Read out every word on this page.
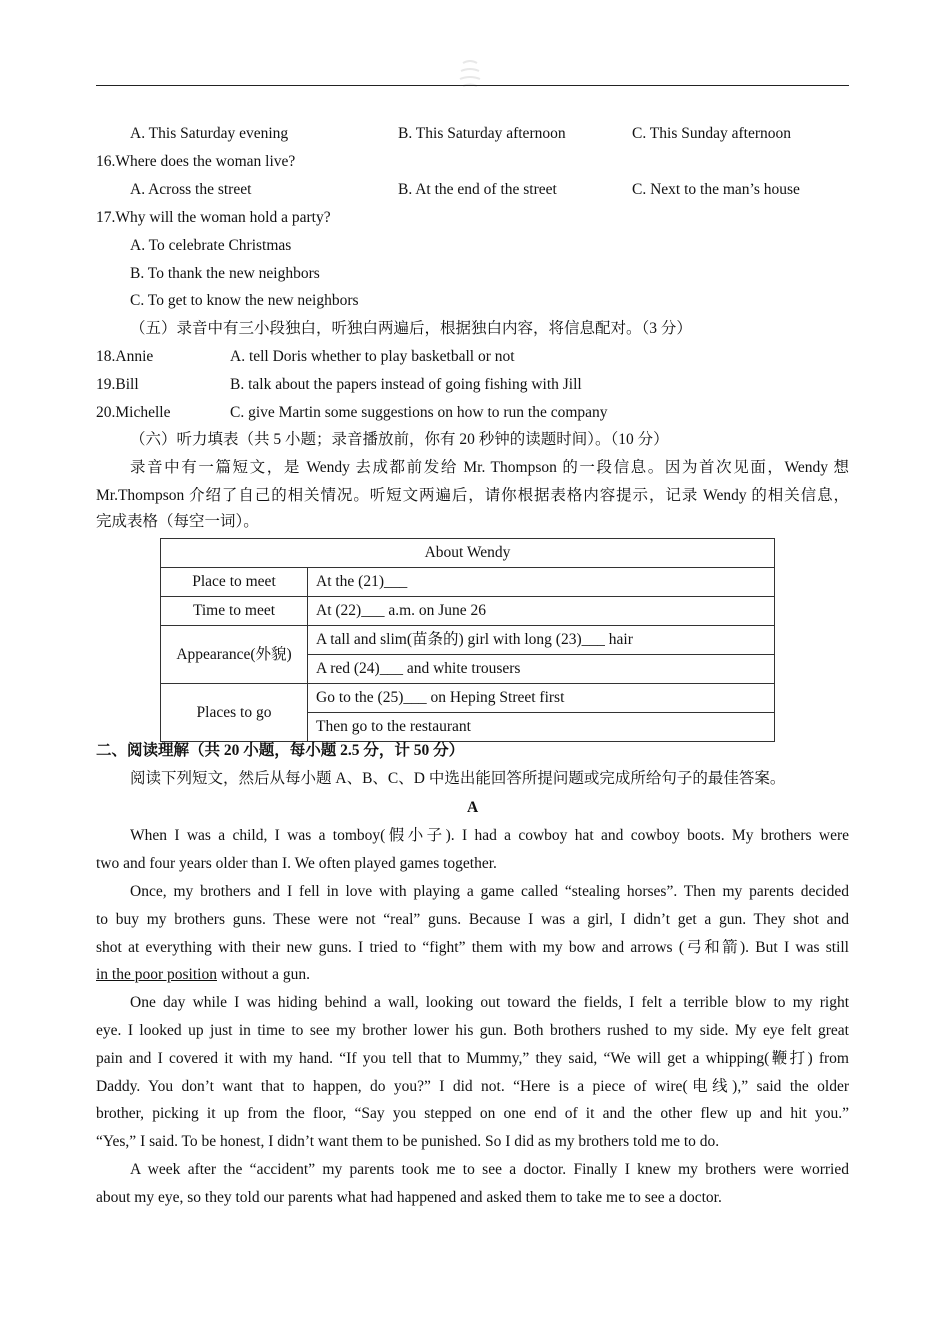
A. This Saturday evening	B. This Saturday afternoon	C. This Sunday afternoon
16.Where does the woman live?
A. Across the street	B. At the end of the street	C. Next to the man’s house
17.Why will the woman hold a party?
A. To celebrate Christmas
B. To thank the new neighbors
C. To get to know the new neighbors
（五）录音中有三小段独白，听独白两遍后，根据独白内容，将信息配对。（3 分）
18.Annie	A. tell Doris whether to play basketball or not
19.Bill	B. talk about the papers instead of going fishing with Jill
20.Michelle	C. give Martin some suggestions on how to run the company
（六）听力填表（共 5 小题；录音播放前，你有 20 秒钟的读题时间）。（10 分）
录音中有一篇短文，是 Wendy 去成都前发给 Mr. Thompson 的一段信息。因为首次见面，Wendy 想
Mr.Thompson 介绍了自己的相关情况。听短文两遍后，请你根据表格内容提示，记录 Wendy 的相关信息，
完成表格（每空一词）。
About Wendy	
Place to meet	At the (21)___
Time to meet	At (22)___ a.m. on June 26
Appearance(外貌)	A tall and slim(苗条的) girl with long (23)___ hair
	A red (24)___ and white trousers
Places to go	Go to the (25)___ on Heping Street first
	Then go to the restaurant
二、阅读理解（共 20 小题，每小题 2.5 分，计 50 分）
阅读下列短文，然后从每小题 A、B、C、D 中选出能回答所提问题或完成所给句子的最佳答案。
A
When I was a child, I was a tomboy(假小子). I had a cowboy hat and cowboy boots. My brothers were
two and four years older than I. We often played games together.
Once, my brothers and I fell in love with playing a game called “stealing horses”. Then my parents decided
to buy my brothers guns. These were not “real” guns. Because I was a girl, I didn’t get a gun. They shot and
shot at everything with their new guns. I tried to “fight” them with my bow and arrows (弓和箭). But I was still
in the poor position without a gun.
One day while I was hiding behind a wall, looking out toward the fields, I felt a terrible blow to my right
eye. I looked up just in time to see my brother lower his gun. Both brothers rushed to my side. My eye felt great
pain and I covered it with my hand. “If you tell that to Mummy,” they said, “We will get a whipping(鞭打) from
Daddy. You don’t want that to happen, do you?” I did not. “Here is a piece of wire(电线),” said the older
brother, picking it up from the floor, “Say you stepped on one end of it and the other flew up and hit you.”
“Yes,” I said. To be honest, I didn’t want them to be punished. So I did as my brothers told me to do.
A week after the “accident” my parents took me to see a doctor. Finally I knew my brothers were worried
about my eye, so they told our parents what had happened and asked them to take me to see a doctor.
